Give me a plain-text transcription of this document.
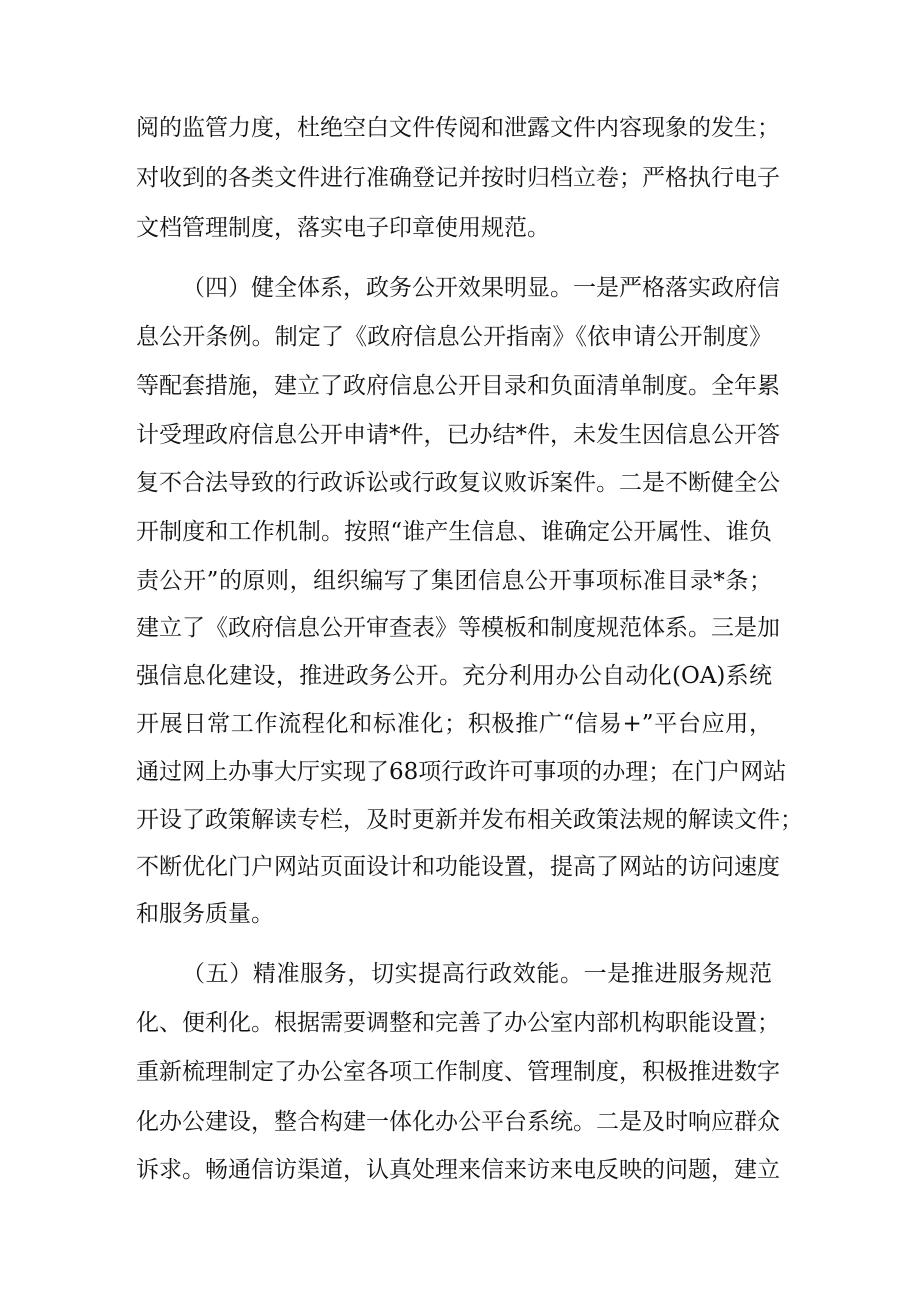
阅的监管力度，杜绝空白文件传阅和泄露文件内容现象的发生；
对收到的各类文件进行准确登记并按时归档立卷；严格执行电子
文档管理制度，落实电子印章使用规范。
（四）健全体系，政务公开效果明显。一是严格落实政府信
息公开条例。制定了《政府信息公开指南》《依申请公开制度》
等配套措施，建立了政府信息公开目录和负面清单制度。全年累
计受理政府信息公开申请*件，已办结*件，未发生因信息公开答
复不合法导致的行政诉讼或行政复议败诉案件。二是不断健全公
开制度和工作机制。按照“谁产生信息、谁确定公开属性、谁负
责公开”的原则，组织编写了集团信息公开事项标准目录*条；
建立了《政府信息公开审查表》等模板和制度规范体系。三是加
强信息化建设，推进政务公开。充分利用办公自动化(OA)系统
开展日常工作流程化和标准化；积极推广“信易+”平台应用，
通过网上办事大厅实现了68项行政许可事项的办理；在门户网站
开设了政策解读专栏，及时更新并发布相关政策法规的解读文件；
不断优化门户网站页面设计和功能设置，提高了网站的访问速度
和服务质量。
（五）精准服务，切实提高行政效能。一是推进服务规范
化、便利化。根据需要调整和完善了办公室内部机构职能设置；
重新梳理制定了办公室各项工作制度、管理制度，积极推进数字
化办公建设，整合构建一体化办公平台系统。二是及时响应群众
诉求。畅通信访渠道，认真处理来信来访来电反映的问题，建立
